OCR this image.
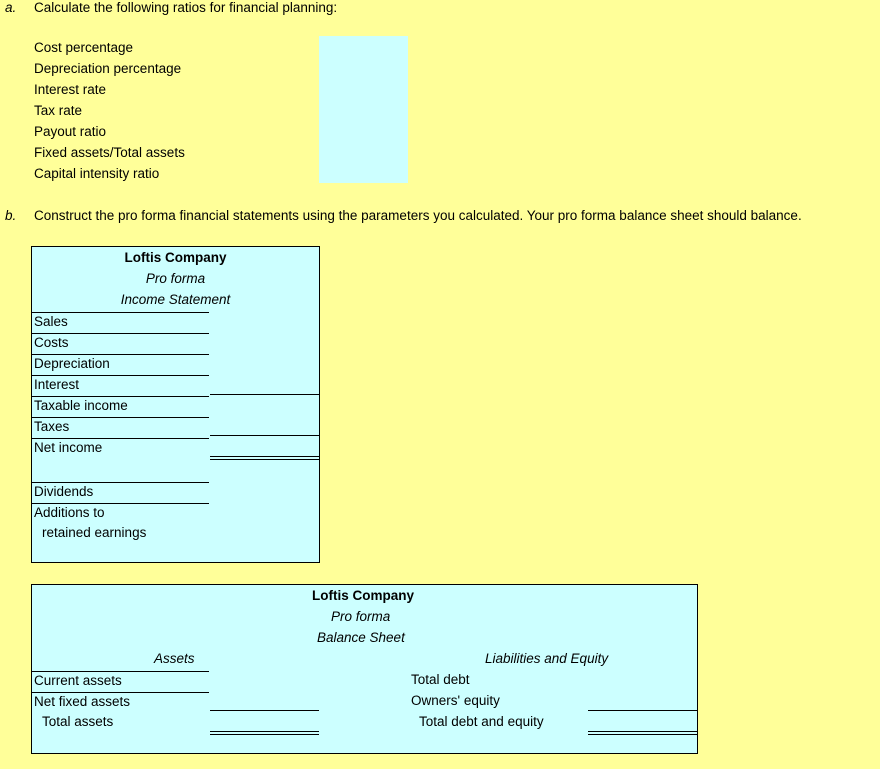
a. Calculate the following ratios for financial planning:
Cost percentage
Depreciation percentage
Interest rate
Tax rate
Payout ratio
Fixed assets/Total assets
Capital intensity ratio
b. Construct the pro forma financial statements using the parameters you calculated. Your pro forma balance sheet should balance.
Loftis Company
Pro forma
Income Statement
Sales
Costs
Depreciation
Interest
Taxable income
Taxes
Net income
Dividends
Additions to
retained earnings
Loftis Company
Pro forma
Balance Sheet
Assets	Liabilities and Equity
Current assets
Net fixed assets
Total assets
Total debt
Owners' equity
Total debt and equity
